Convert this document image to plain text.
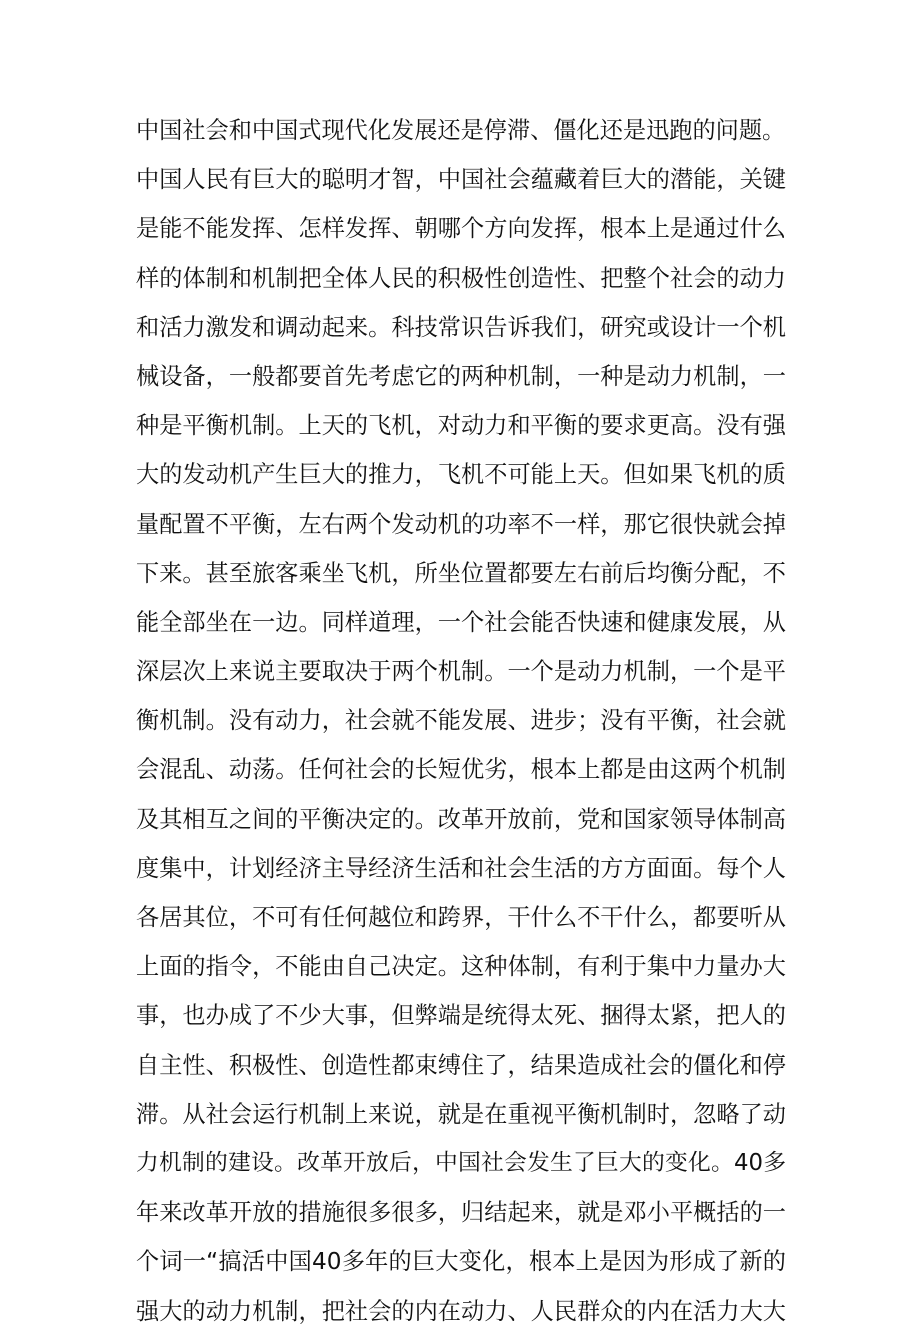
中国社会和中国式现代化发展还是停滞、僵化还是迅跑的问题。
中国人民有巨大的聪明才智，中国社会蕴藏着巨大的潜能，关键
是能不能发挥、怎样发挥、朝哪个方向发挥，根本上是通过什么
样的体制和机制把全体人民的积极性创造性、把整个社会的动力
和活力激发和调动起来。科技常识告诉我们，研究或设计一个机
械设备，一般都要首先考虑它的两种机制，一种是动力机制，一
种是平衡机制。上天的飞机，对动力和平衡的要求更高。没有强
大的发动机产生巨大的推力，飞机不可能上天。但如果飞机的质
量配置不平衡，左右两个发动机的功率不一样，那它很快就会掉
下来。甚至旅客乘坐飞机，所坐位置都要左右前后均衡分配，不
能全部坐在一边。同样道理，一个社会能否快速和健康发展，从
深层次上来说主要取决于两个机制。一个是动力机制，一个是平
衡机制。没有动力，社会就不能发展、进步；没有平衡，社会就
会混乱、动荡。任何社会的长短优劣，根本上都是由这两个机制
及其相互之间的平衡决定的。改革开放前，党和国家领导体制高
度集中，计划经济主导经济生活和社会生活的方方面面。每个人
各居其位，不可有任何越位和跨界，干什么不干什么，都要听从
上面的指令，不能由自己决定。这种体制，有利于集中力量办大
事，也办成了不少大事，但弊端是统得太死、捆得太紧，把人的
自主性、积极性、创造性都束缚住了，结果造成社会的僵化和停
滞。从社会运行机制上来说，就是在重视平衡机制时，忽略了动
力机制的建设。改革开放后，中国社会发生了巨大的变化。40多
年来改革开放的措施很多很多，归结起来，就是邓小平概括的一
个词一“搞活中国40多年的巨大变化，根本上是因为形成了新的
强大的动力机制，把社会的内在动力、人民群众的内在活力大大
